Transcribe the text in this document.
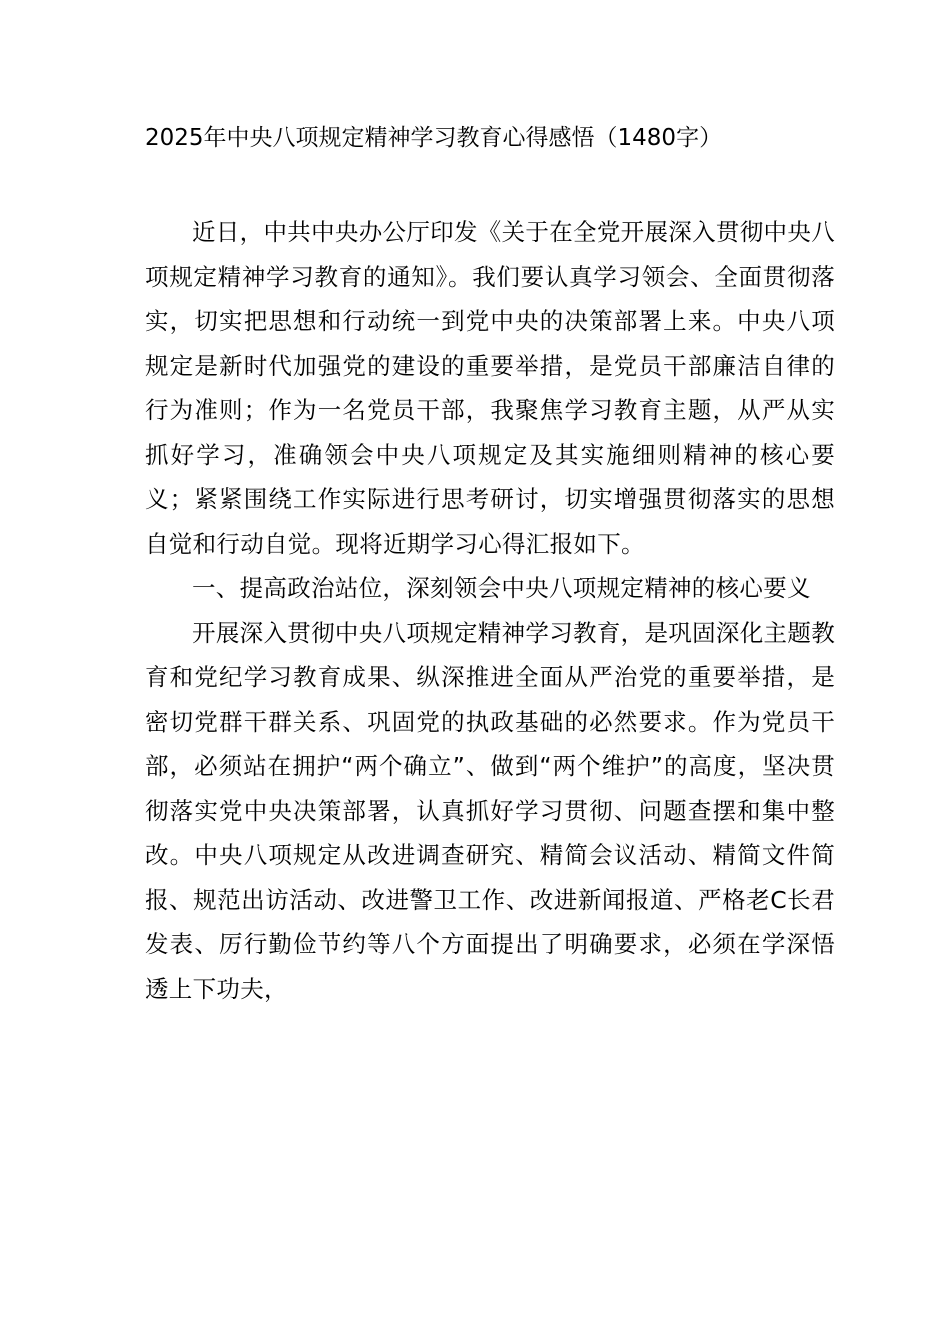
2025年中央八项规定精神学习教育心得感悟（1480字）

近日，中共中央办公厅印发《关于在全党开展深入贯彻中央八项规定精神学习教育的通知》。我们要认真学习领会、全面贯彻落实，切实把思想和行动统一到党中央的决策部署上来。中央八项规定是新时代加强党的建设的重要举措，是党员干部廉洁自律的行为准则；作为一名党员干部，我聚焦学习教育主题，从严从实抓好学习，准确领会中央八项规定及其实施细则精神的核心要义；紧紧围绕工作实际进行思考研讨，切实增强贯彻落实的思想自觉和行动自觉。现将近期学习心得汇报如下。

一、提高政治站位，深刻领会中央八项规定精神的核心要义

开展深入贯彻中央八项规定精神学习教育，是巩固深化主题教育和党纪学习教育成果、纵深推进全面从严治党的重要举措，是密切党群干群关系、巩固党的执政基础的必然要求。作为党员干部，必须站在拥护“两个确立”、做到“两个维护”的高度，坚决贯彻落实党中央决策部署，认真抓好学习贯彻、问题查摆和集中整改。中央八项规定从改进调查研究、精简会议活动、精简文件简报、规范出访活动、改进警卫工作、改进新闻报道、严格老C长君发表、厉行勤俭节约等八个方面提出了明确要求，必须在学深悟透上下功夫，
